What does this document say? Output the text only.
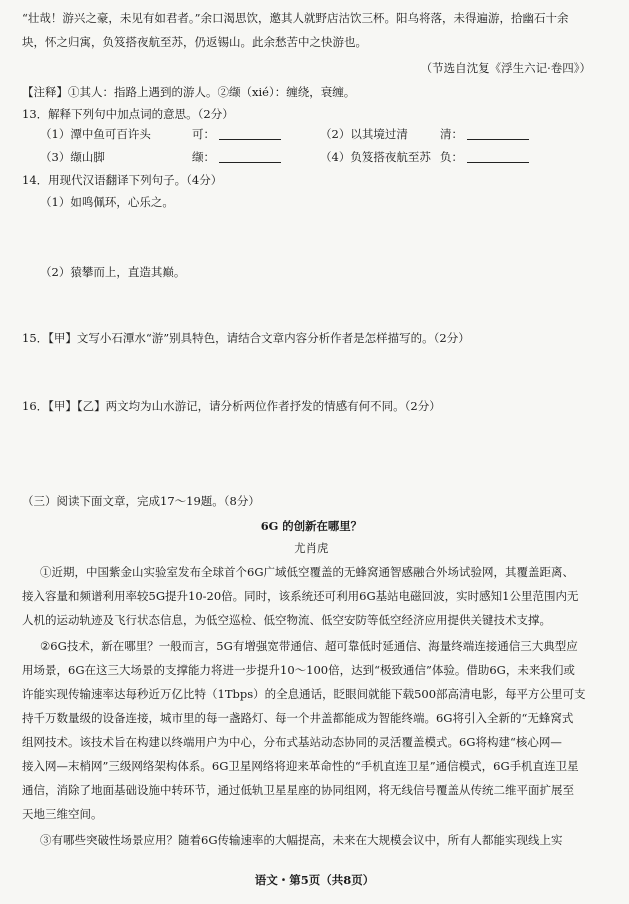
“壮哉！游兴之豪，未见有如君者。”余口渴思饮，邀其人就野店沽饮三杯。阳乌将落，未得遍游，拾幽石十余
块，怀之归寓，负笈搭夜航至苏，仍返锡山。此余愁苦中之快游也。
（节选自沈复《浮生六记·卷四》）
【注释】①其人：指路上遇到的游人。②缬（xié）：缠绕，衰缠。
13．解释下列句中加点词的意思。（2分）
（1）潭中鱼可百许头	可：	（2）以其境过清	清：
（3）缬山脚	缬：	（4）负笈搭夜航至苏 负：
14．用现代汉语翻译下列句子。（4分）
（1）如鸣佩环，心乐之。
（2）猿攀而上，直造其巅。
15．【甲】文写小石潭水“游”别具特色，请结合文章内容分析作者是怎样描写的。（2分）
16．【甲】【乙】两文均为山水游记，请分析两位作者抒发的情感有何不同。（2分）
（三）阅读下面文章，完成17～19题。（8分）
6G 的创新在哪里？
尤肖虎
①近期，中国紫金山实验室发布全球首个6G广域低空覆盖的无蜂窝通智感融合外场试验网，其覆盖距离、
接入容量和频谱利用率较5G提升10-20倍。同时，该系统还可利用6G基站电磁回波，实时感知1公里范围内无
人机的运动轨迹及飞行状态信息，为低空巡检、低空物流、低空安防等低空经济应用提供关键技术支撑。
②6G技术，新在哪里？一般而言，5G有增强宽带通信、超可靠低时延通信、海量终端连接通信三大典型应
用场景，6G在这三大场景的支撑能力将进一步提升10～100倍，达到“极致通信”体验。借助6G，未来我们或
许能实现传输速率达每秒近万亿比特（1Tbps）的全息通话，眨眼间就能下载500部高清电影，每平方公里可支
持千万数量级的设备连接，城市里的每一盏路灯、每一个井盖都能成为智能终端。6G将引入全新的“无蜂窝式
组网技术。该技术旨在构建以终端用户为中心，分布式基站动态协同的灵活覆盖模式。6G将构建“核心网—
接入网—末梢网”三级网络架构体系。6G卫星网络将迎来革命性的“手机直连卫星”通信模式，6G手机直连卫星
通信，消除了地面基础设施中转环节，通过低轨卫星星座的协同组网，将无线信号覆盖从传统二维平面扩展至
天地三维空间。
③有哪些突破性场景应用？随着6G传输速率的大幅提高，未来在大规模会议中，所有人都能实现线上实
语文・第5页（共8页）
